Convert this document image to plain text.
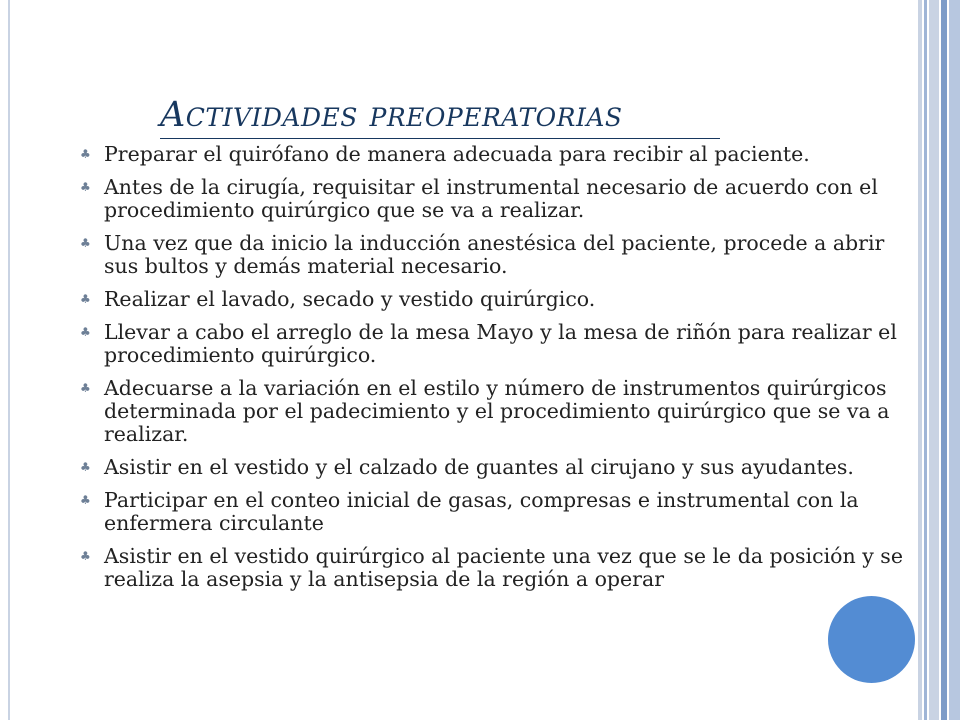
Actividades preoperatorias
♣ Preparar el quirófano de manera adecuada para recibir al paciente.
♣ Antes de la cirugía, requisitar el instrumental necesario de acuerdo con el procedimiento quirúrgico que se va a realizar.
♣ Una vez que da inicio la inducción anestésica del paciente, procede a abrir sus bultos y demás material necesario.
♣ Realizar el lavado, secado y vestido quirúrgico.
♣ Llevar a cabo el arreglo de la mesa Mayo y la mesa de riñón para realizar el procedimiento quirúrgico.
♣ Adecuarse a la variación en el estilo y número de instrumentos quirúrgicos determinada por el padecimiento y el procedimiento quirúrgico que se va a realizar.
♣ Asistir en el vestido y el calzado de guantes al cirujano y sus ayudantes.
♣ Participar en el conteo inicial de gasas, compresas e instrumental con la enfermera circulante
♣ Asistir en el vestido quirúrgico al paciente una vez que se le da posición y se realiza la asepsia y la antisepsia de la región a operar
